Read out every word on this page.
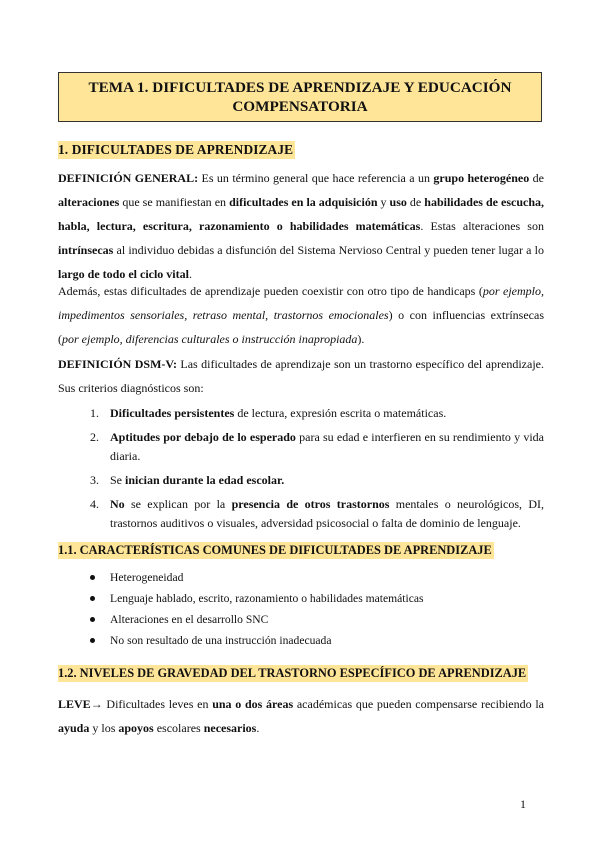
TEMA 1. DIFICULTADES DE APRENDIZAJE Y EDUCACIÓN
COMPENSATORIA
1. DIFICULTADES DE APRENDIZAJE

DEFINICIÓN GENERAL: Es un término general que hace referencia a un grupo heterogéneo de alteraciones que se manifiestan en dificultades en la adquisición y uso de habilidades de escucha, habla, lectura, escritura, razonamiento o habilidades matemáticas. Estas alteraciones son intrínsecas al individuo debidas a disfunción del Sistema Nervioso Central y pueden tener lugar a lo largo de todo el ciclo vital.

Además, estas dificultades de aprendizaje pueden coexistir con otro tipo de handicaps (por ejemplo, impedimentos sensoriales, retraso mental, trastornos emocionales) o con influencias extrínsecas (por ejemplo, diferencias culturales o instrucción inapropiada).

DEFINICIÓN DSM-V: Las dificultades de aprendizaje son un trastorno específico del aprendizaje. Sus criterios diagnósticos son:

1. Dificultades persistentes de lectura, expresión escrita o matemáticas.
2. Aptitudes por debajo de lo esperado para su edad e interfieren en su rendimiento y vida diaria.
3. Se inician durante la edad escolar.
4. No se explican por la presencia de otros trastornos mentales o neurológicos, DI, trastornos auditivos o visuales, adversidad psicosocial o falta de dominio de lenguaje.
1.1. CARACTERÍSTICAS COMUNES DE DIFICULTADES DE APRENDIZAJE
Heterogeneidad
Lenguaje hablado, escrito, razonamiento o habilidades matemáticas
Alteraciones en el desarrollo SNC
No son resultado de una instrucción inadecuada
1.2. NIVELES DE GRAVEDAD DEL TRASTORNO ESPECÍFICO DE APRENDIZAJE

LEVE→ Dificultades leves en una o dos áreas académicas que pueden compensarse recibiendo la ayuda y los apoyos escolares necesarios.

1
